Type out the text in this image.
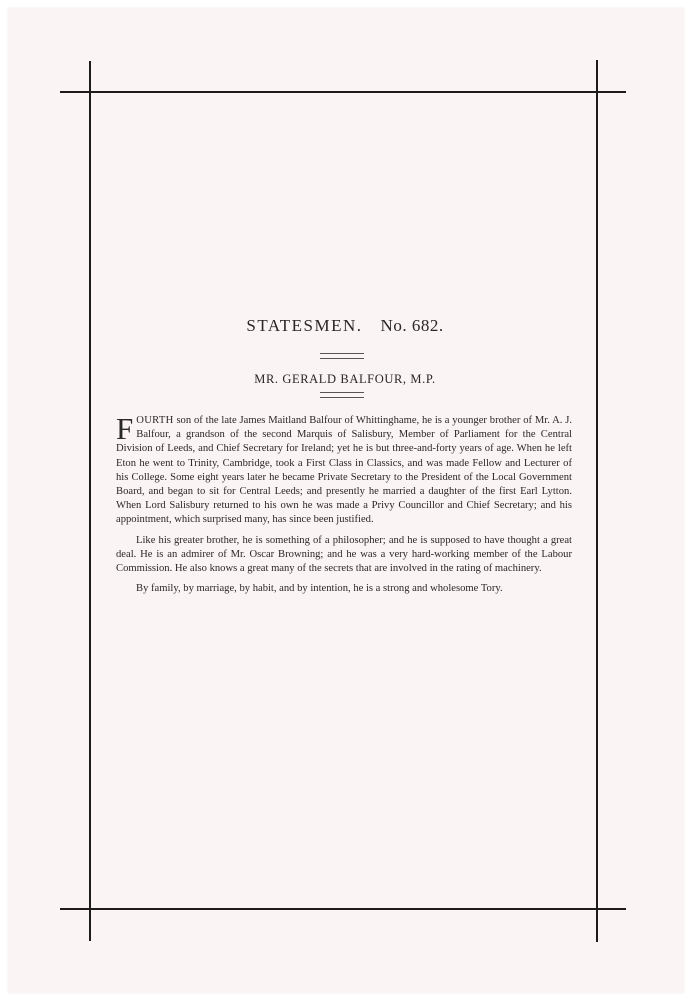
STATESMEN. No. 682.
MR. GERALD BALFOUR, M.P.

FOURTH son of the late James Maitland Balfour of Whittinghame, he is a younger brother of Mr. A. J. Balfour, a grandson of the second Marquis of Salisbury, Member of Parliament for the Central Division of Leeds, and Chief Secretary for Ireland; yet he is but three-and-forty years of age. When he left Eton he went to Trinity, Cambridge, took a First Class in Classics, and was made Fellow and Lecturer of his College. Some eight years later he became Private Secretary to the President of the Local Government Board, and began to sit for Central Leeds; and presently he married a daughter of the first Earl Lytton. When Lord Salisbury returned to his own he was made a Privy Councillor and Chief Secretary; and his appointment, which surprised many, has since been justified.

Like his greater brother, he is something of a philosopher; and he is supposed to have thought a great deal. He is an admirer of Mr. Oscar Browning; and he was a very hard-working member of the Labour Commission. He also knows a great many of the secrets that are involved in the rating of machinery.

By family, by marriage, by habit, and by intention, he is a strong and wholesome Tory.
